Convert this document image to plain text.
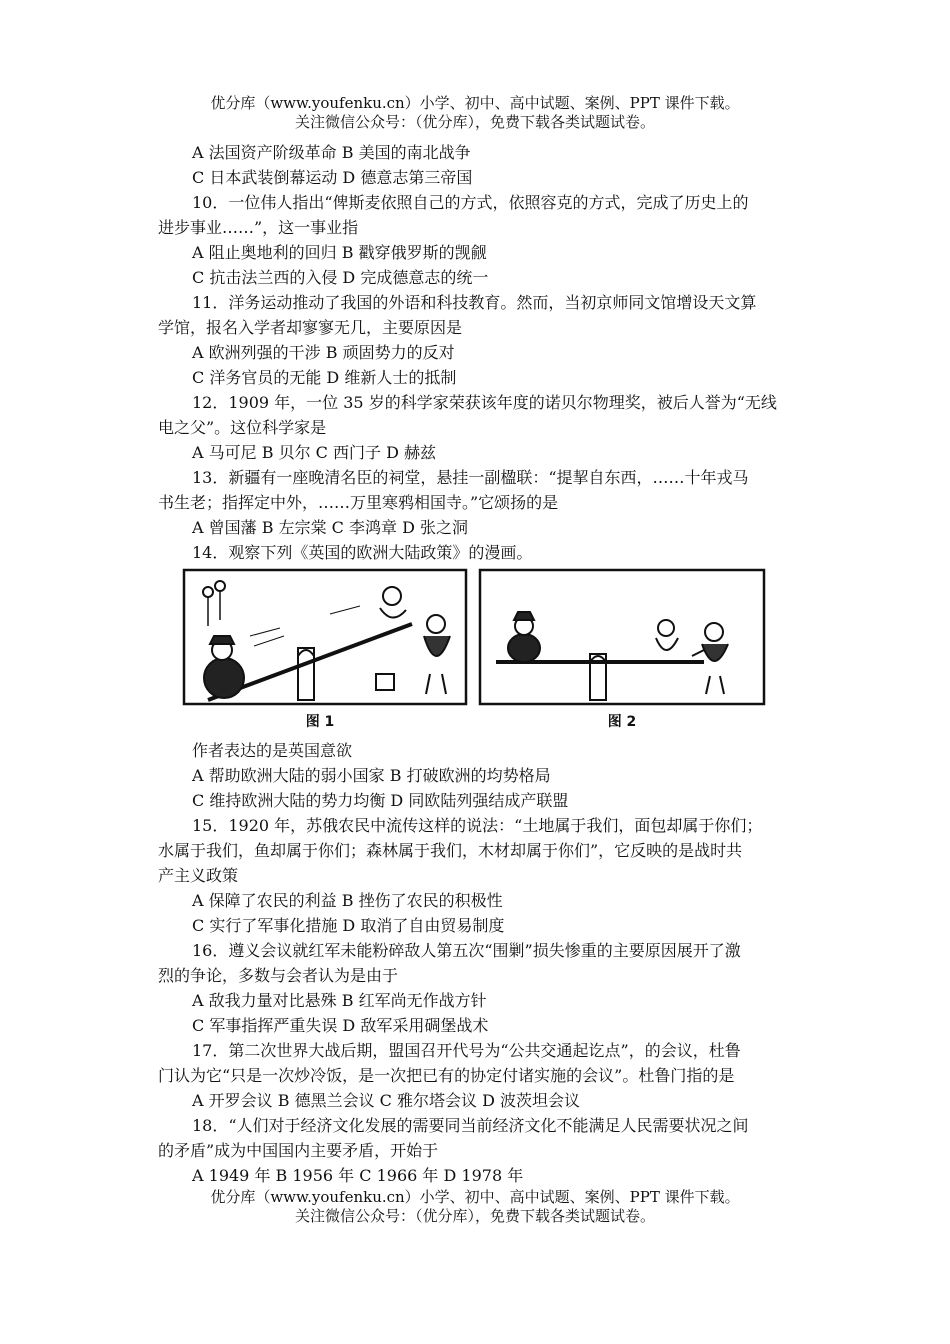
优分库（www.youfenku.cn）小学、初中、高中试题、案例、PPT 课件下载。
关注微信公众号：（优分库），免费下载各类试题试卷。
A 法国资产阶级革命 B 美国的南北战争
C 日本武装倒幕运动 D 德意志第三帝国
10．一位伟人指出“俾斯麦依照自己的方式，依照容克的方式，完成了历史上的
进步事业……”，这一事业指
A 阻止奥地利的回归 B 戳穿俄罗斯的觊觎
C 抗击法兰西的入侵 D 完成德意志的统一
11．洋务运动推动了我国的外语和科技教育。然而，当初京师同文馆增设天文算
学馆，报名入学者却寥寥无几，主要原因是
A 欧洲列强的干涉 B 顽固势力的反对
C 洋务官员的无能 D 维新人士的抵制
12．1909 年，一位 35 岁的科学家荣获该年度的诺贝尔物理奖，被后人誉为“无线
电之父”。这位科学家是
A 马可尼 B 贝尔 C 西门子 D 赫兹
13．新疆有一座晚清名臣的祠堂，悬挂一副楹联：“提挈自东西，……十年戎马
书生老；指挥定中外，……万里寒鸦相国寺。”它颂扬的是
A 曾国藩 B 左宗棠 C 李鸿章 D 张之洞
14．观察下列《英国的欧洲大陆政策》的漫画。
图 1	图 2
作者表达的是英国意欲
A 帮助欧洲大陆的弱小国家 B 打破欧洲的均势格局
C 维持欧洲大陆的势力均衡 D 同欧陆列强结成产联盟
15．1920 年，苏俄农民中流传这样的说法：“土地属于我们，面包却属于你们；
水属于我们，鱼却属于你们；森林属于我们，木材却属于你们”，它反映的是战时共
产主义政策
A 保障了农民的利益 B 挫伤了农民的积极性
C 实行了军事化措施 D 取消了自由贸易制度
16．遵义会议就红军未能粉碎敌人第五次“围剿”损失惨重的主要原因展开了激
烈的争论，多数与会者认为是由于
A 敌我力量对比悬殊 B 红军尚无作战方针
C 军事指挥严重失误 D 敌军采用碉堡战术
17．第二次世界大战后期，盟国召开代号为“公共交通起讫点”，的会议，杜鲁
门认为它“只是一次炒冷饭，是一次把已有的协定付诸实施的会议”。杜鲁门指的是
A 开罗会议 B 德黑兰会议 C 雅尔塔会议 D 波茨坦会议
18．“人们对于经济文化发展的需要同当前经济文化不能满足人民需要状况之间
的矛盾”成为中国国内主要矛盾，开始于
A 1949 年 B 1956 年 C 1966 年 D 1978 年
优分库（www.youfenku.cn）小学、初中、高中试题、案例、PPT 课件下载。
关注微信公众号：（优分库），免费下载各类试题试卷。
